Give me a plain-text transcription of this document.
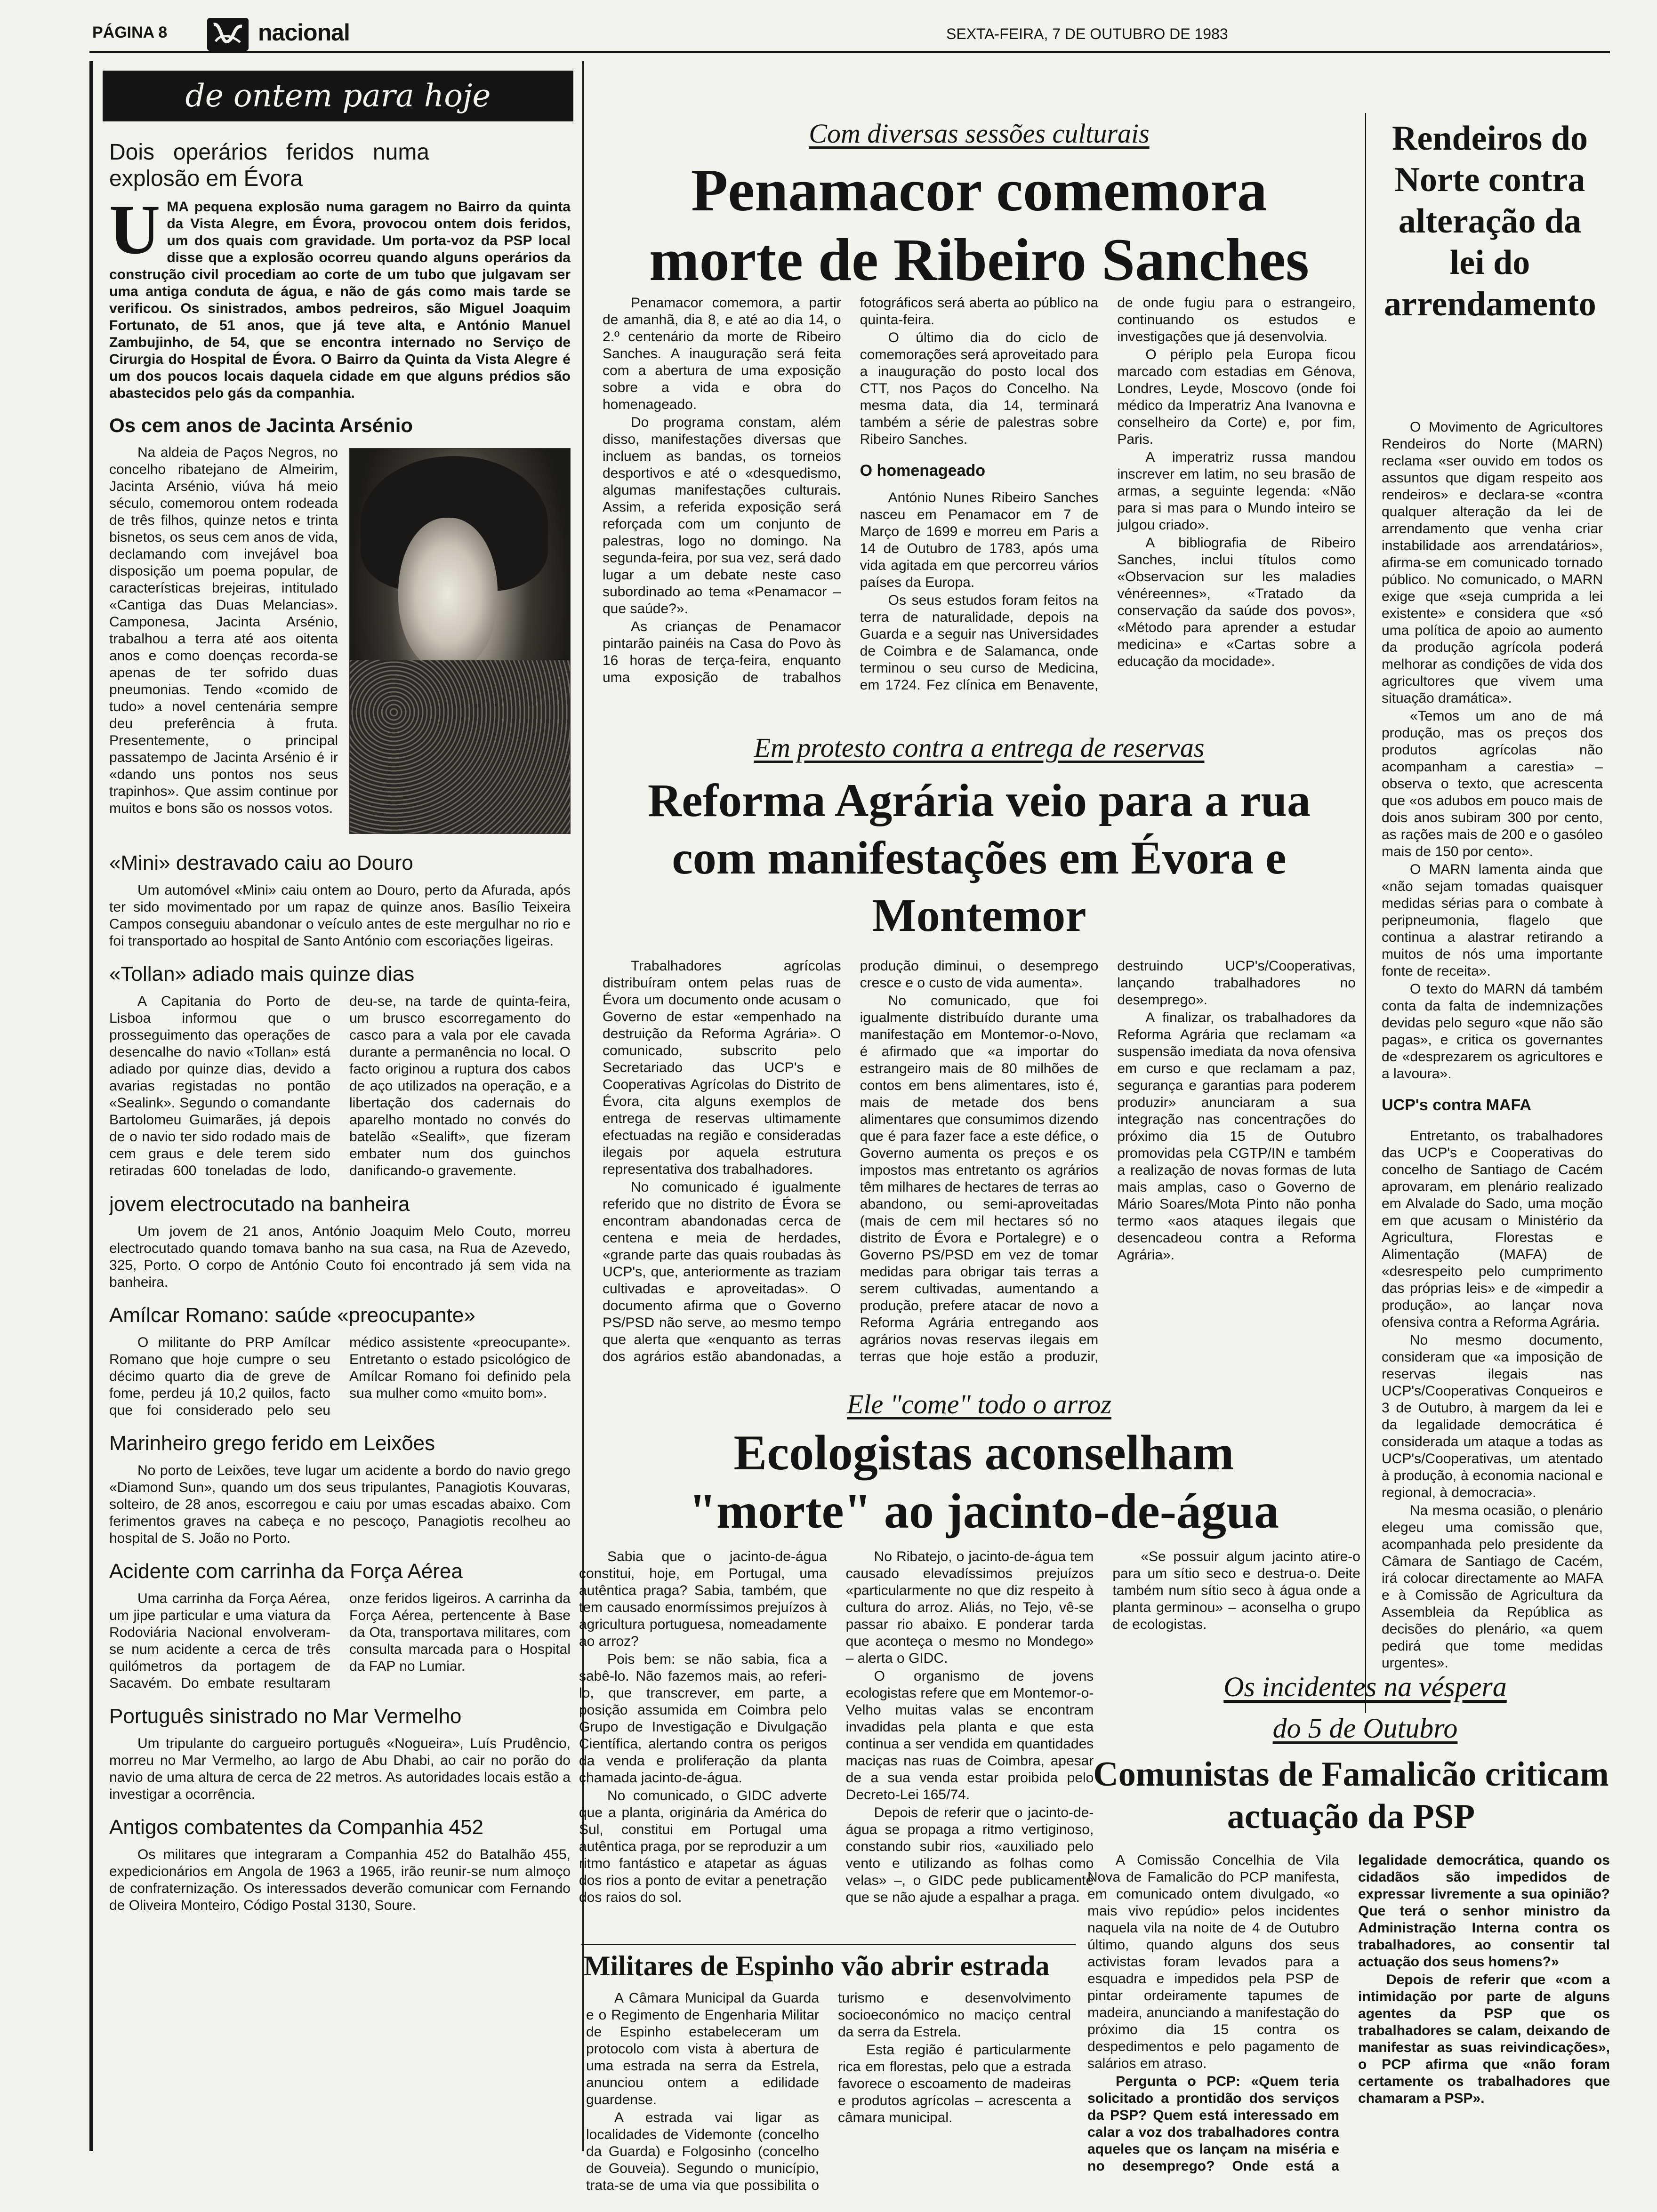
PÁGINA 8	nacional	SEXTA-FEIRA, 7 DE OUTUBRO DE 1983
de ontem para hoje
Dois operários feridos numa explosão em Évora
U MA pequena explosão numa garagem no Bairro da quinta da Vista Alegre, em Évora, provocou ontem dois feridos, um dos quais com gravidade. Um porta-voz da PSP local disse que a explosão ocorreu quando alguns operários da construção civil procediam ao corte de um tubo que julgavam ser uma antiga conduta de água, e não de gás como mais tarde se verificou. Os sinistrados, ambos pedreiros, são Miguel Joaquim Fortunato, de 51 anos, que já teve alta, e António Manuel Zambujinho, de 54, que se encontra internado no Serviço de Cirurgia do Hospital de Évora. O Bairro da Quinta da Vista Alegre é um dos poucos locais daquela cidade em que alguns prédios são abastecidos pelo gás da companhia.
Os cem anos de Jacinta Arsénio

Na aldeia de Paços Negros, no concelho ribatejano de Almeirim, Jacinta Arsénio, viúva há meio século, comemorou ontem rodeada de três filhos, quinze netos e trinta bisnetos, os seus cem anos de vida, declamando com invejável boa disposição um poema popular, de características brejeiras, intitulado «Cantiga das Duas Melancias». Camponesa, Jacinta Arsénio, trabalhou a terra até aos oitenta anos e como doenças recorda-se apenas de ter sofrido duas pneumonias. Tendo «comido de tudo» a novel centenária sempre deu preferência à fruta. Presentemente, o principal passatempo de Jacinta Arsénio é ir «dando uns pontos nos seus trapinhos». Que assim continue por muitos e bons são os nossos votos.

«Mini» destravado caiu ao Douro

Um automóvel «Mini» caiu ontem ao Douro, perto da Afurada, após ter sido movimentado por um rapaz de quinze anos. Basílio Teixeira Campos conseguiu abandonar o veículo antes de este mergulhar no rio e foi transportado ao hospital de Santo António com escoriações ligeiras.

«Tollan» adiado mais quinze dias

A Capitania do Porto de Lisboa informou que o prosseguimento das operações de desencalhe do navio «Tollan» está adiado por quinze dias, devido a avarias registadas no pontão «Sealink». Segundo o comandante Bartolomeu Guimarães, já depois de o navio ter sido rodado mais de cem graus e dele terem sido retiradas 600 toneladas de lodo, deu-se, na tarde de quinta-feira, um brusco escorregamento do casco para a vala por ele cavada durante a permanência no local. O facto originou a ruptura dos cabos de aço utilizados na operação, e a libertação dos cadernais do aparelho montado no convés do batelão «Sealift», que fizeram embater num dos guinchos danificando-o gravemente.

jovem electrocutado na banheira

Um jovem de 21 anos, António Joaquim Melo Couto, morreu electrocutado quando tomava banho na sua casa, na Rua de Azevedo, 325, Porto. O corpo de António Couto foi encontrado já sem vida na banheira.

Amílcar Romano: saúde «preocupante»

O militante do PRP Amílcar Romano que hoje cumpre o seu décimo quarto dia de greve de fome, perdeu já 10,2 quilos, facto que foi considerado pelo seu médico assistente «preocupante». Entretanto o estado psicológico de Amílcar Romano foi definido pela sua mulher como «muito bom».

Marinheiro grego ferido em Leixões

No porto de Leixões, teve lugar um acidente a bordo do navio grego «Diamond Sun», quando um dos seus tripulantes, Panagiotis Kouvaras, solteiro, de 28 anos, escorregou e caiu por umas escadas abaixo. Com ferimentos graves na cabeça e no pescoço, Panagiotis recolheu ao hospital de S. João no Porto.

Acidente com carrinha da Força Aérea

Uma carrinha da Força Aérea, um jipe particular e uma viatura da Rodoviária Nacional envolveram-se num acidente a cerca de três quilómetros da portagem de Sacavém. Do embate resultaram onze feridos ligeiros. A carrinha da Força Aérea, pertencente à Base da Ota, transportava militares, com consulta marcada para o Hospital da FAP no Lumiar.

Português sinistrado no Mar Vermelho

Um tripulante do cargueiro português «Nogueira», Luís Prudêncio, morreu no Mar Vermelho, ao largo de Abu Dhabi, ao cair no porão do navio de uma altura de cerca de 22 metros. As autoridades locais estão a investigar a ocorrência.

Antigos combatentes da Companhia 452

Os militares que integraram a Companhia 452 do Batalhão 455, expedicionários em Angola de 1963 a 1965, irão reunir-se num almoço de confraternização. Os interessados deverão comunicar com Fernando de Oliveira Monteiro, Código Postal 3130, Soure.

Com diversas sessões culturais
Penamacor comemora morte de Ribeiro Sanches

Penamacor comemora, a partir de amanhã, dia 8, e até ao dia 14, o 2.º centenário da morte de Ribeiro Sanches. A inauguração será feita com a abertura de uma exposição sobre a vida e obra do homenageado.

Do programa constam, além disso, manifestações diversas que incluem as bandas, os torneios desportivos e até o «desquedismo, algumas manifestações culturais. Assim, a referida exposição será reforçada com um conjunto de palestras, logo no domingo. Na segunda-feira, por sua vez, será dado lugar a um debate neste caso subordinado ao tema «Penamacor – que saúde?».

As crianças de Penamacor pintarão painéis na Casa do Povo às 16 horas de terça-feira, enquanto uma exposição de trabalhos fotográficos será aberta ao público na quinta-feira.

O último dia do ciclo de comemorações será aproveitado para a inauguração do posto local dos CTT, nos Paços do Concelho. Na mesma data, dia 14, terminará também a série de palestras sobre Ribeiro Sanches.

O homenageado

António Nunes Ribeiro Sanches nasceu em Penamacor em 7 de Março de 1699 e morreu em Paris a 14 de Outubro de 1783, após uma vida agitada em que percorreu vários países da Europa.

Os seus estudos foram feitos na terra de naturalidade, depois na Guarda e a seguir nas Universidades de Coimbra e de Salamanca, onde terminou o seu curso de Medicina, em 1724. Fez clínica em Benavente, de onde fugiu para o estrangeiro, continuando os estudos e investigações que já desenvolvia.

O périplo pela Europa ficou marcado com estadias em Génova, Londres, Leyde, Moscovo (onde foi médico da Imperatriz Ana Ivanovna e conselheiro da Corte) e, por fim, Paris.

A imperatriz russa mandou inscrever em latim, no seu brasão de armas, a seguinte legenda: «Não para si mas para o Mundo inteiro se julgou criado».

A bibliografia de Ribeiro Sanches, inclui títulos como «Observacion sur les maladies vénéreennes», «Tratado da conservação da saúde dos povos», «Método para aprender a estudar medicina» e «Cartas sobre a educação da mocidade».

Rendeiros do Norte contra alteração da lei do arrendamento

O Movimento de Agricultores Rendeiros do Norte (MARN) reclama «ser ouvido em todos os assuntos que digam respeito aos rendeiros» e declara-se «contra qualquer alteração da lei de arrendamento que venha criar instabilidade aos arrendatários», afirma-se em comunicado tornado público. No comunicado, o MARN exige que «seja cumprida a lei existente» e considera que «só uma política de apoio ao aumento da produção agrícola poderá melhorar as condições de vida dos agricultores que vivem uma situação dramática».

«Temos um ano de má produção, mas os preços dos produtos agrícolas não acompanham a carestia» – observa o texto, que acrescenta que «os adubos em pouco mais de dois anos subiram 300 por cento, as rações mais de 200 e o gasóleo mais de 150 por cento».

O MARN lamenta ainda que «não sejam tomadas quaisquer medidas sérias para o combate à peripneumonia, flagelo que continua a alastrar retirando a muitos de nós uma importante fonte de receita».

O texto do MARN dá também conta da falta de indemnizações devidas pelo seguro «que não são pagas», e critica os governantes de «desprezarem os agricultores e a lavoura».

UCP's contra MAFA

Entretanto, os trabalhadores das UCP's e Cooperativas do concelho de Santiago de Cacém aprovaram, em plenário realizado em Alvalade do Sado, uma moção em que acusam o Ministério da Agricultura, Florestas e Alimentação (MAFA) de «desrespeito pelo cumprimento das próprias leis» e de «impedir a produção», ao lançar nova ofensiva contra a Reforma Agrária.

No mesmo documento, consideram que «a imposição de reservas ilegais nas UCP's/Cooperativas Conqueiros e 3 de Outubro, à margem da lei e da legalidade democrática é considerada um ataque a todas as UCP's/Cooperativas, um atentado à produção, à economia nacional e regional, à democracia».

Na mesma ocasião, o plenário elegeu uma comissão que, acompanhada pelo presidente da Câmara de Santiago de Cacém, irá colocar directamente ao MAFA e à Comissão de Agricultura da Assembleia da República as decisões do plenário, «a quem pedirá que tome medidas urgentes».

Em protesto contra a entrega de reservas
Reforma Agrária veio para a rua com manifestações em Évora e Montemor

Trabalhadores agrícolas distribuíram ontem pelas ruas de Évora um documento onde acusam o Governo de estar «empenhado na destruição da Reforma Agrária». O comunicado, subscrito pelo Secretariado das UCP's e Cooperativas Agrícolas do Distrito de Évora, cita alguns exemplos de entrega de reservas ultimamente efectuadas na região e consideradas ilegais por aquela estrutura representativa dos trabalhadores.

No comunicado é igualmente referido que no distrito de Évora se encontram abandonadas cerca de centena e meia de herdades, «grande parte das quais roubadas às UCP's, que, anteriormente as traziam cultivadas e aproveitadas». O documento afirma que o Governo PS/PSD não serve, ao mesmo tempo que alerta que «enquanto as terras dos agrários estão abandonadas, a produção diminui, o desemprego cresce e o custo de vida aumenta».

No comunicado, que foi igualmente distribuído durante uma manifestação em Montemor-o-Novo, é afirmado que «a importar do estrangeiro mais de 80 milhões de contos em bens alimentares, isto é, mais de metade dos bens alimentares que consumimos dizendo que é para fazer face a este défice, o Governo aumenta os preços e os impostos mas entretanto os agrários têm milhares de hectares de terras ao abandono, ou semi-aproveitadas (mais de cem mil hectares só no distrito de Évora e Portalegre) e o Governo PS/PSD em vez de tomar medidas para obrigar tais terras a serem cultivadas, aumentando a produção, prefere atacar de novo a Reforma Agrária entregando aos agrários novas reservas ilegais em terras que hoje estão a produzir, destruindo UCP's/Cooperativas, lançando trabalhadores no desemprego».

A finalizar, os trabalhadores da Reforma Agrária que reclamam «a suspensão imediata da nova ofensiva em curso e que reclamam a paz, segurança e garantias para poderem produzir» anunciaram a sua integração nas concentrações do próximo dia 15 de Outubro promovidas pela CGTP/IN e também a realização de novas formas de luta mais amplas, caso o Governo de Mário Soares/Mota Pinto não ponha termo «aos ataques ilegais que desencadeou contra a Reforma Agrária».

Ele "come" todo o arroz
Ecologistas aconselham "morte" ao jacinto-de-água

Sabia que o jacinto-de-água constitui, hoje, em Portugal, uma autêntica praga? Sabia, também, que tem causado enormíssimos prejuízos à agricultura portuguesa, nomeadamente ao arroz?

Pois bem: se não sabia, fica a sabê-lo. Não fazemos mais, ao referi-lo, que transcrever, em parte, a posição assumida em Coimbra pelo Grupo de Investigação e Divulgação Científica, alertando contra os perigos da venda e proliferação da planta chamada jacinto-de-água.

No comunicado, o GIDC adverte que a planta, originária da América do Sul, constitui em Portugal uma autêntica praga, por se reproduzir a um ritmo fantástico e atapetar as águas dos rios a ponto de evitar a penetração dos raios do sol.

No Ribatejo, o jacinto-de-água tem causado elevadíssimos prejuízos «particularmente no que diz respeito à cultura do arroz. Aliás, no Tejo, vê-se passar rio abaixo. E ponderar tarda que aconteça o mesmo no Mondego» – alerta o GIDC.

O organismo de jovens ecologistas refere que em Montemor-o-Velho muitas valas se encontram invadidas pela planta e que esta continua a ser vendida em quantidades maciças nas ruas de Coimbra, apesar de a sua venda estar proibida pelo Decreto-Lei 165/74.

Depois de referir que o jacinto-de-água se propaga a ritmo vertiginoso, constando subir rios, «auxiliado pelo vento e utilizando as folhas como velas» –, o GIDC pede publicamente que se não ajude a espalhar a praga.

«Se possuir algum jacinto atire-o para um sítio seco e destrua-o. Deite também num sítio seco à água onde a planta germinou» – aconselha o grupo de ecologistas.

Militares de Espinho vão abrir estrada

A Câmara Municipal da Guarda e o Regimento de Engenharia Militar de Espinho estabeleceram um protocolo com vista à abertura de uma estrada na serra da Estrela, anunciou ontem a edilidade guardense.

A estrada vai ligar as localidades de Videmonte (concelho da Guarda) e Folgosinho (concelho de Gouveia). Segundo o município, trata-se de uma via que possibilita o turismo e desenvolvimento socioeconómico no maciço central da serra da Estrela.

Esta região é particularmente rica em florestas, pelo que a estrada favorece o escoamento de madeiras e produtos agrícolas – acrescenta a câmara municipal.

Os incidentes na véspera
do 5 de Outubro
Comunistas de Famalicão criticam actuação da PSP

A Comissão Concelhia de Vila Nova de Famalicão do PCP manifesta, em comunicado ontem divulgado, «o mais vivo repúdio» pelos incidentes naquela vila na noite de 4 de Outubro último, quando alguns dos seus activistas foram levados para a esquadra e impedidos pela PSP de pintar ordeiramente tapumes de madeira, anunciando a manifestação do próximo dia 15 contra os despedimentos e pelo pagamento de salários em atraso.

Pergunta o PCP: «Quem teria solicitado a prontidão dos serviços da PSP? Quem está interessado em calar a voz dos trabalhadores contra aqueles que os lançam na miséria e no desemprego? Onde está a legalidade democrática, quando os cidadãos são impedidos de expressar livremente a sua opinião? Que terá o senhor ministro da Administração Interna contra os trabalhadores, ao consentir tal actuação dos seus homens?»

Depois de referir que «com a intimidação por parte de alguns agentes da PSP que os trabalhadores se calam, deixando de manifestar as suas reivindicações», o PCP afirma que «não foram certamente os trabalhadores que chamaram a PSP».
